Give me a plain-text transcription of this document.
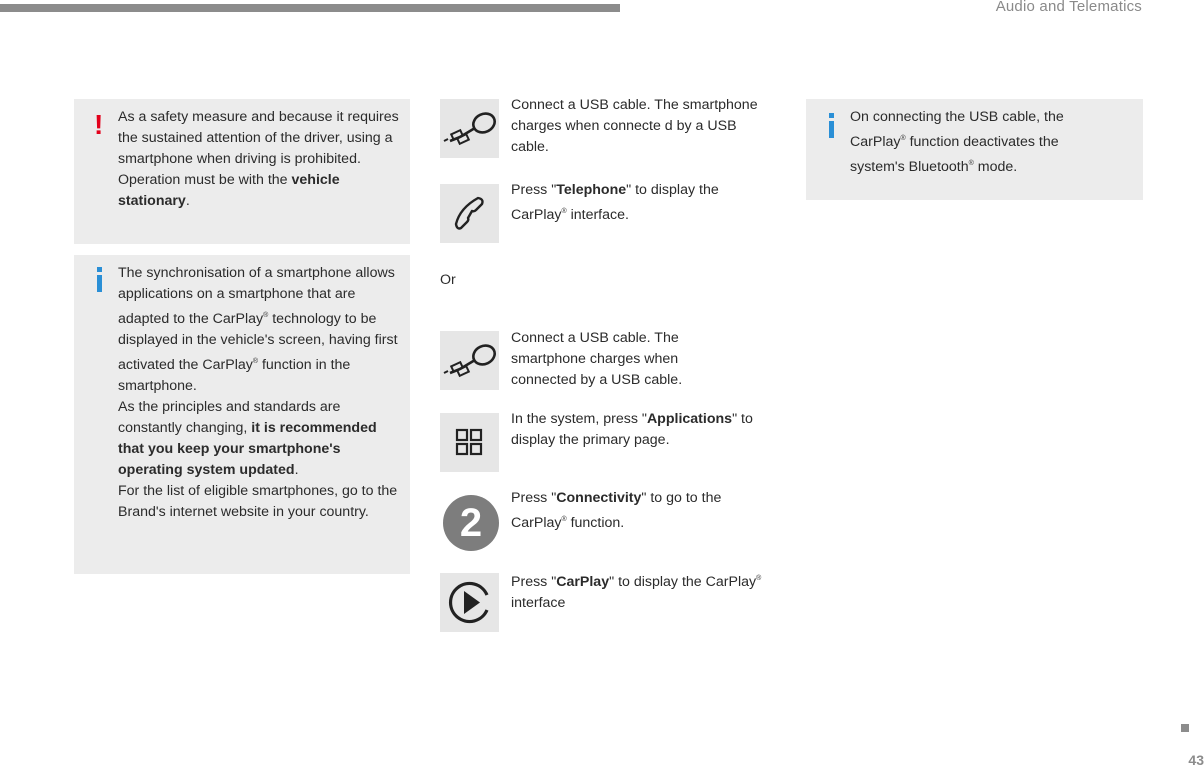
Audio and Telematics
! As a safety measure and because it requires the sustained attention of the driver, using a smartphone when driving is prohibited.
Operation must be with the vehicle stationary.
The synchronisation of a smartphone allows applications on a smartphone that are adapted to the CarPlay® technology to be displayed in the vehicle's screen, having first activated the CarPlay® function in the smartphone.
As the principles and standards are constantly changing, it is recommended that you keep your smartphone's operating system updated.
For the list of eligible smartphones, go to the Brand's internet website in your country.
Connect a USB cable. The smartphone charges when connecte d by a USB cable.
Press "Telephone" to display the CarPlay® interface.
Or
Connect a USB cable. The smartphone charges when connected by a USB cable.
In the system, press "Applications" to display the primary page.
2
Press "Connectivity" to go to the CarPlay® function.
Press "CarPlay" to display the CarPlay® interface
On connecting the USB cable, the CarPlay® function deactivates the system's Bluetooth® mode.
43
